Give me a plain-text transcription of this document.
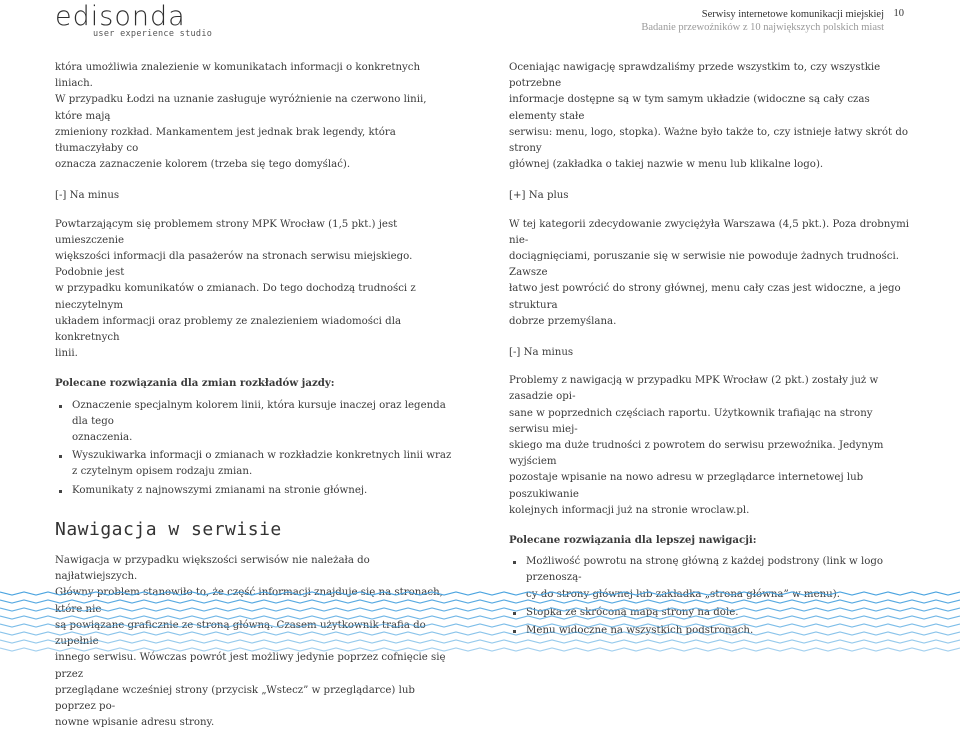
edisonda
user experience studio
Serwisy internetowe komunikacji miejskiej
Badanie przewoźników z 10 największych polskich miast
10

która umożliwia znalezienie w komunikatach informacji o konkretnych liniach.
W przypadku Łodzi na uznanie zasługuje wyróżnienie na czerwono linii, które mają
zmieniony rozkład. Mankamentem jest jednak brak legendy, która tłumaczyłaby co
oznacza zaznaczenie kolorem (trzeba się tego domyślać).

[-] Na minus

Powtarzającym się problemem strony MPK Wrocław (1,5 pkt.) jest umieszczenie
większości informacji dla pasażerów na stronach serwisu miejskiego. Podobnie jest
w przypadku komunikatów o zmianach. Do tego dochodzą trudności z nieczytelnym
układem informacji oraz problemy ze znalezieniem wiadomości dla konkretnych
linii.

Polecane rozwiązania dla zmian rozkładów jazdy:

Oznaczenie specjalnym kolorem linii, która kursuje inaczej oraz legenda dla tego
oznaczenia.
Wyszukiwarka informacji o zmianach w rozkładzie konkretnych linii wraz
z czytelnym opisem rodzaju zmian.
Komunikaty z najnowszymi zmianami na stronie głównej.
Nawigacja w serwisie

Nawigacja w przypadku większości serwisów nie należała do najłatwiejszych.
Główny problem stanowiło to, że część informacji znajduje się na stronach, które nie
są powiązane graficznie ze stroną główną. Czasem użytkownik trafia do zupełnie
innego serwisu. Wówczas powrót jest możliwy jedynie poprzez cofnięcie się przez
przeglądane wcześniej strony (przycisk „Wstecz” w przeglądarce) lub poprzez po-
nowne wpisanie adresu strony.

Oceniając nawigację sprawdzaliśmy przede wszystkim to, czy wszystkie potrzebne
informacje dostępne są w tym samym układzie (widoczne są cały czas elementy stałe
serwisu: menu, logo, stopka). Ważne było także to, czy istnieje łatwy skrót do strony
głównej (zakładka o takiej nazwie w menu lub klikalne logo).

[+] Na plus

W tej kategorii zdecydowanie zwyciężyła Warszawa (4,5 pkt.). Poza drobnymi nie-
dociągnięciami, poruszanie się w serwisie nie powoduje żadnych trudności. Zawsze
łatwo jest powrócić do strony głównej, menu cały czas jest widoczne, a jego struktura
dobrze przemyślana.

[-] Na minus

Problemy z nawigacją w przypadku MPK Wrocław (2 pkt.) zostały już w zasadzie opi-
sane w poprzednich częściach raportu. Użytkownik trafiając na strony serwisu miej-
skiego ma duże trudności z powrotem do serwisu przewoźnika. Jedynym wyjściem
pozostaje wpisanie na nowo adresu w przeglądarce internetowej lub poszukiwanie
kolejnych informacji już na stronie wroclaw.pl.

Polecane rozwiązania dla lepszej nawigacji:

Możliwość powrotu na stronę główną z każdej podstrony (link w logo przenoszą-
cy do strony głównej lub zakładka „strona główna” w menu).
Stopka ze skróconą mapą strony na dole.
Menu widoczne na wszystkich podstronach.
